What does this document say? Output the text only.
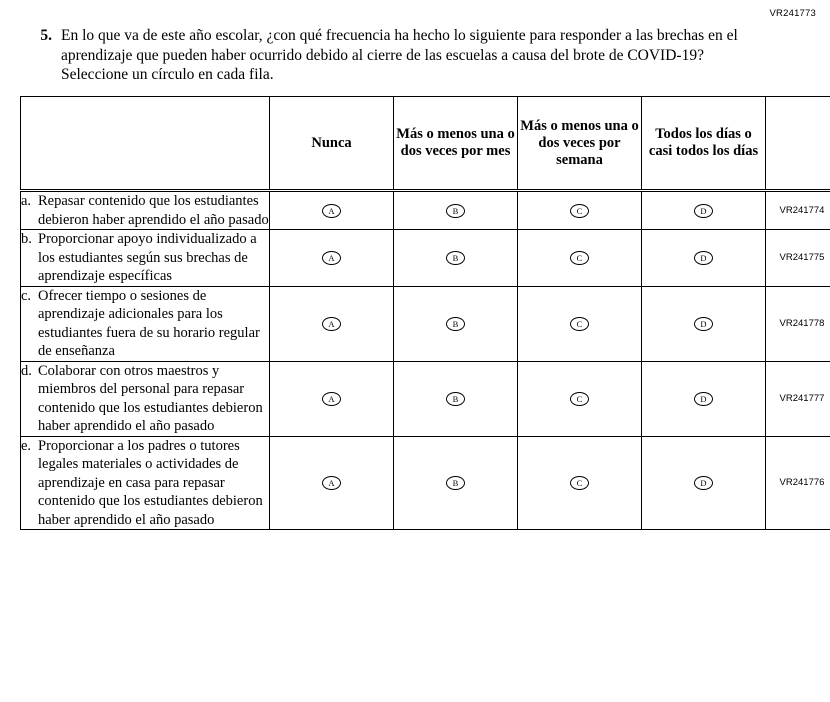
VR241773
5. En lo que va de este año escolar, ¿con qué frecuencia ha hecho lo siguiente para responder a las brechas en el aprendizaje que pueden haber ocurrido debido al cierre de las escuelas a causa del brote de COVID-19? Seleccione un círculo en cada fila.
	Nunca	Más o menos una o dos veces por mes	Más o menos una o dos veces por semana	Todos los días o casi todos los días	

a. Repasar contenido que los estudiantes debieron haber aprendido el año pasado	A	B	C	D	VR241774

b. Proporcionar apoyo individualizado a los estudiantes según sus brechas de aprendizaje específicas	A	B	C	D	VR241775

c. Ofrecer tiempo o sesiones de aprendizaje adicionales para los estudiantes fuera de su horario regular de enseñanza	A	B	C	D	VR241778

d. Colaborar con otros maestros y miembros del personal para repasar contenido que los estudiantes debieron haber aprendido el año pasado	A	B	C	D	VR241777

e. Proporcionar a los padres o tutores legales materiales o actividades de aprendizaje en casa para repasar contenido que los estudiantes debieron haber aprendido el año pasado	A	B	C	D	VR241776
